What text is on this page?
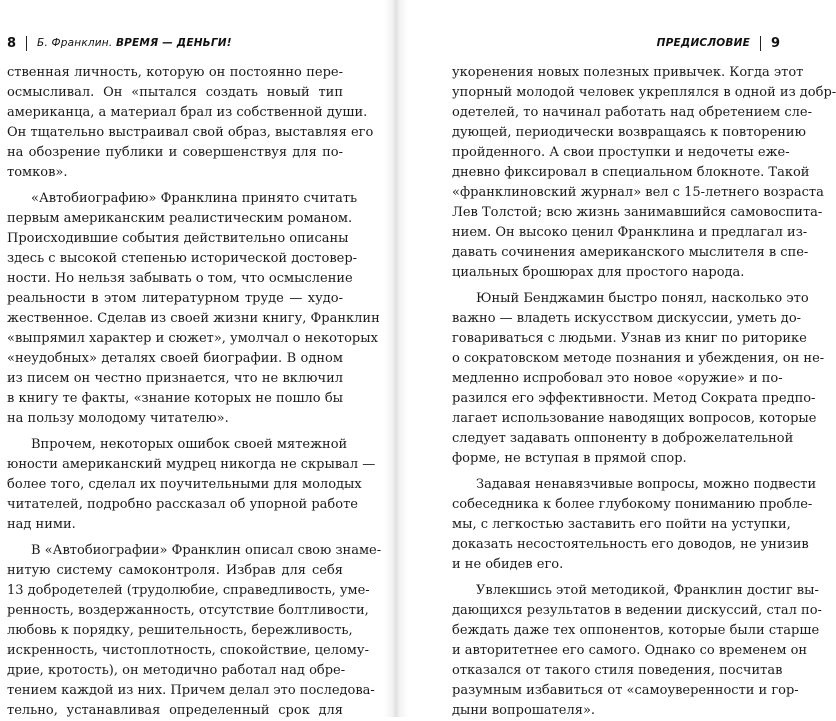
8 Б. Франклин. ВРЕМЯ — ДЕНЬГИ!
ственная личность, которую он постоянно пере-
осмысливал. Он «пытался создать новый тип
американца, а материал брал из собственной души.
Он тщательно выстраивал свой образ, выставляя его
на обозрение публики и совершенствуя для по-
томков».
«Автобиографию» Франклина принято считать
первым американским реалистическим романом.
Происходившие события действительно описаны
здесь с высокой степенью исторической достовер-
ности. Но нельзя забывать о том, что осмысление
реальности в этом литературном труде — худо-
жественное. Сделав из своей жизни книгу, Франклин
«выпрямил характер и сюжет», умолчал о некоторых
«неудобных» деталях своей биографии. В одном
из писем он честно признается, что не включил
в книгу те факты, «знание которых не пошло бы
на пользу молодому читателю».
Впрочем, некоторых ошибок своей мятежной
юности американский мудрец никогда не скрывал —
более того, сделал их поучительными для молодых
читателей, подробно рассказал об упорной работе
над ними.
В «Автобиографии» Франклин описал свою знаме-
нитую систему самоконтроля. Избрав для себя
13 добродетелей (трудолюбие, справедливость, уме-
ренность, воздержанность, отсутствие болтливости,
любовь к порядку, решительность, бережливость,
искренность, чистоплотность, спокойствие, целому-
дрие, кротость), он методично работал над обре-
тением каждой из них. Причем делал это последова-
тельно, устанавливая определенный срок для
ПРЕДИСЛОВИЕ 9
укоренения новых полезных привычек. Когда этот
упорный молодой человек укреплялся в одной из добр-
одетелей, то начинал работать над обретением сле-
дующей, периодически возвращаясь к повторению
пройденного. А свои проступки и недочеты еже-
дневно фиксировал в специальном блокноте. Такой
«франклиновский журнал» вел с 15-летнего возраста
Лев Толстой; всю жизнь занимавшийся самовоспита-
нием. Он высоко ценил Франклина и предлагал из-
давать сочинения американского мыслителя в спе-
циальных брошюрах для простого народа.
Юный Бенджамин быстро понял, насколько это
важно — владеть искусством дискуссии, уметь до-
говариваться с людьми. Узнав из книг по риторике
о сократовском методе познания и убеждения, он не-
медленно испробовал это новое «оружие» и по-
разился его эффективности. Метод Сократа предпо-
лагает использование наводящих вопросов, которые
следует задавать оппоненту в доброжелательной
форме, не вступая в прямой спор.
Задавая ненавязчивые вопросы, можно подвести
собеседника к более глубокому пониманию пробле-
мы, с легкостью заставить его пойти на уступки,
доказать несостоятельность его доводов, не унизив
и не обидев его.
Увлекшись этой методикой, Франклин достиг вы-
дающихся результатов в ведении дискуссий, стал по-
беждать даже тех оппонентов, которые были старше
и авторитетнее его самого. Однако со временем он
отказался от такого стиля поведения, посчитав
разумным избавиться от «самоуверенности и гор-
дыни вопрошателя».
